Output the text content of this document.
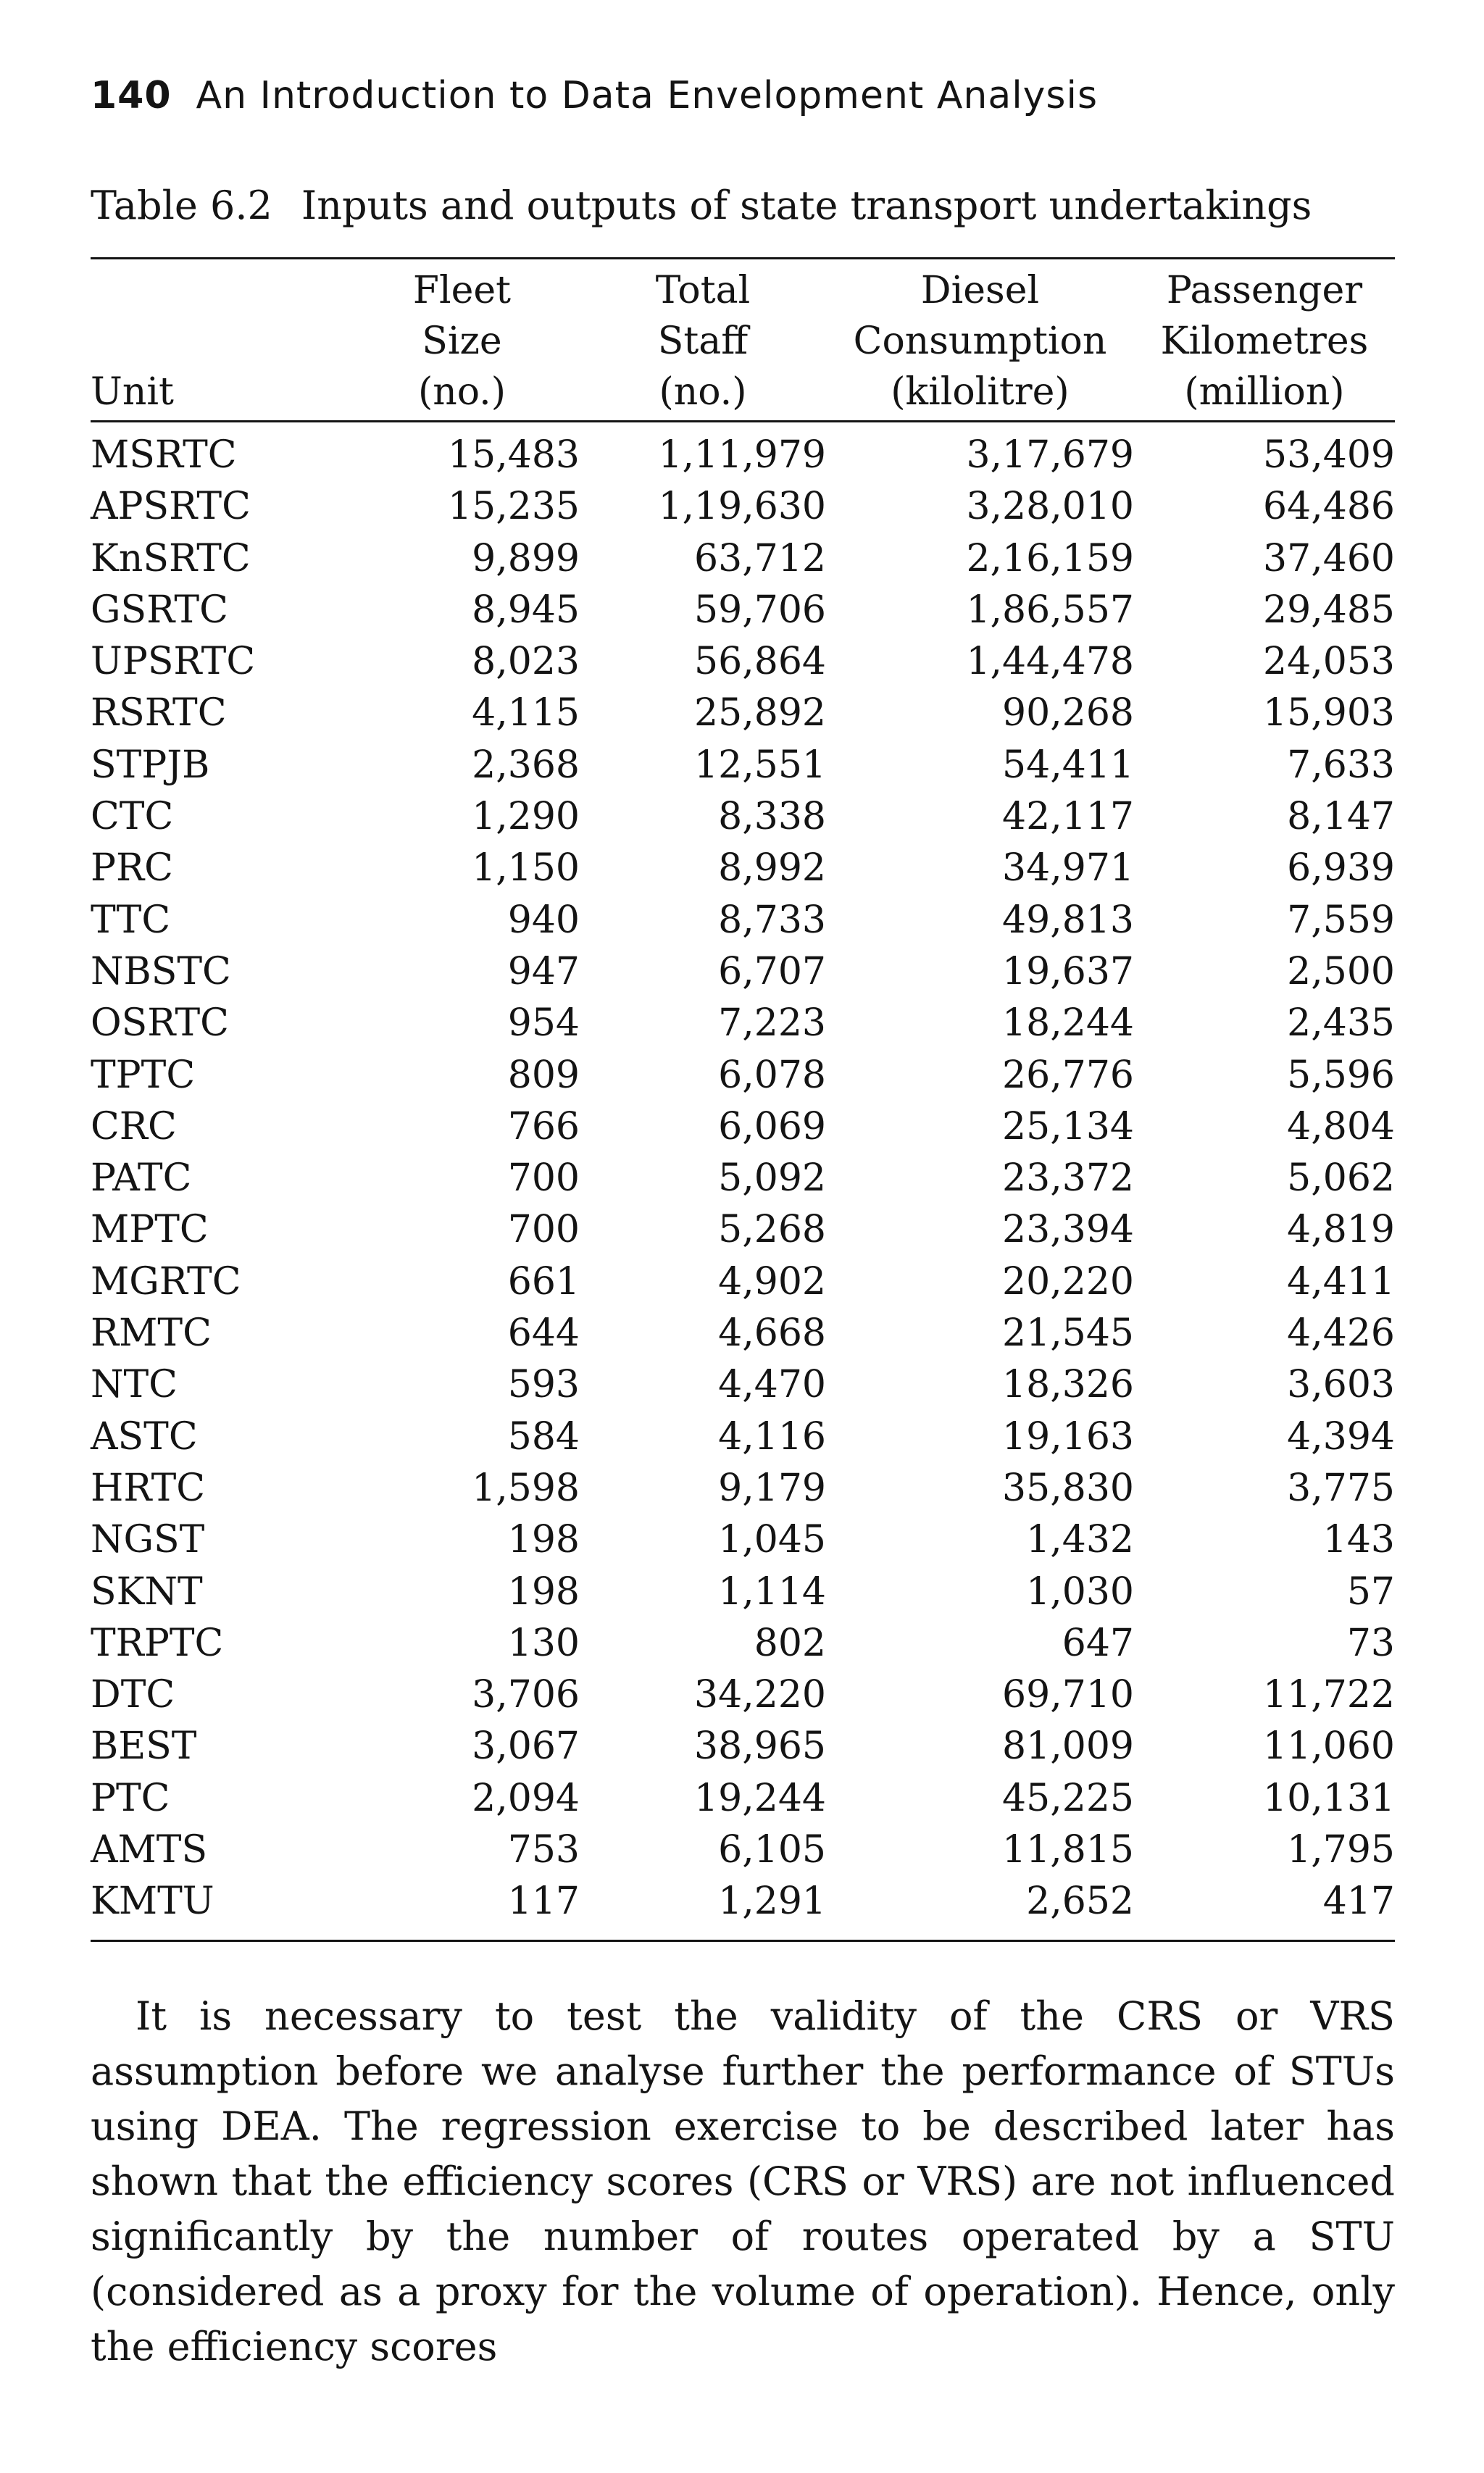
140 An Introduction to Data Envelopment Analysis
Table 6.2 Inputs and outputs of state transport undertakings

Unit	Fleet
Size
(no.)	Total
Staff
(no.)	Diesel
Consumption
(kilolitre)	Passenger
Kilometres
(million)

MSRTC	15,483	1,11,979	3,17,679	53,409
APSRTC	15,235	1,19,630	3,28,010	64,486
KnSRTC	9,899	63,712	2,16,159	37,460
GSRTC	8,945	59,706	1,86,557	29,485
UPSRTC	8,023	56,864	1,44,478	24,053
RSRTC	4,115	25,892	90,268	15,903
STPJB	2,368	12,551	54,411	7,633
CTC	1,290	8,338	42,117	8,147
PRC	1,150	8,992	34,971	6,939
TTC	940	8,733	49,813	7,559
NBSTC	947	6,707	19,637	2,500
OSRTC	954	7,223	18,244	2,435
TPTC	809	6,078	26,776	5,596
CRC	766	6,069	25,134	4,804
PATC	700	5,092	23,372	5,062
MPTC	700	5,268	23,394	4,819
MGRTC	661	4,902	20,220	4,411
RMTC	644	4,668	21,545	4,426
NTC	593	4,470	18,326	3,603
ASTC	584	4,116	19,163	4,394
HRTC	1,598	9,179	35,830	3,775
NGST	198	1,045	1,432	143
SKNT	198	1,114	1,030	57
TRPTC	130	802	647	73
DTC	3,706	34,220	69,710	11,722
BEST	3,067	38,965	81,009	11,060
PTC	2,094	19,244	45,225	10,131
AMTS	753	6,105	11,815	1,795
KMTU	117	1,291	2,652	417

It is necessary to test the validity of the CRS or VRS assumption before we analyse further the performance of STUs using DEA. The regression exercise to be described later has shown that the efficiency scores (CRS or VRS) are not influenced significantly by the number of routes operated by a STU (considered as a proxy for the volume of operation). Hence, only the efficiency scores
